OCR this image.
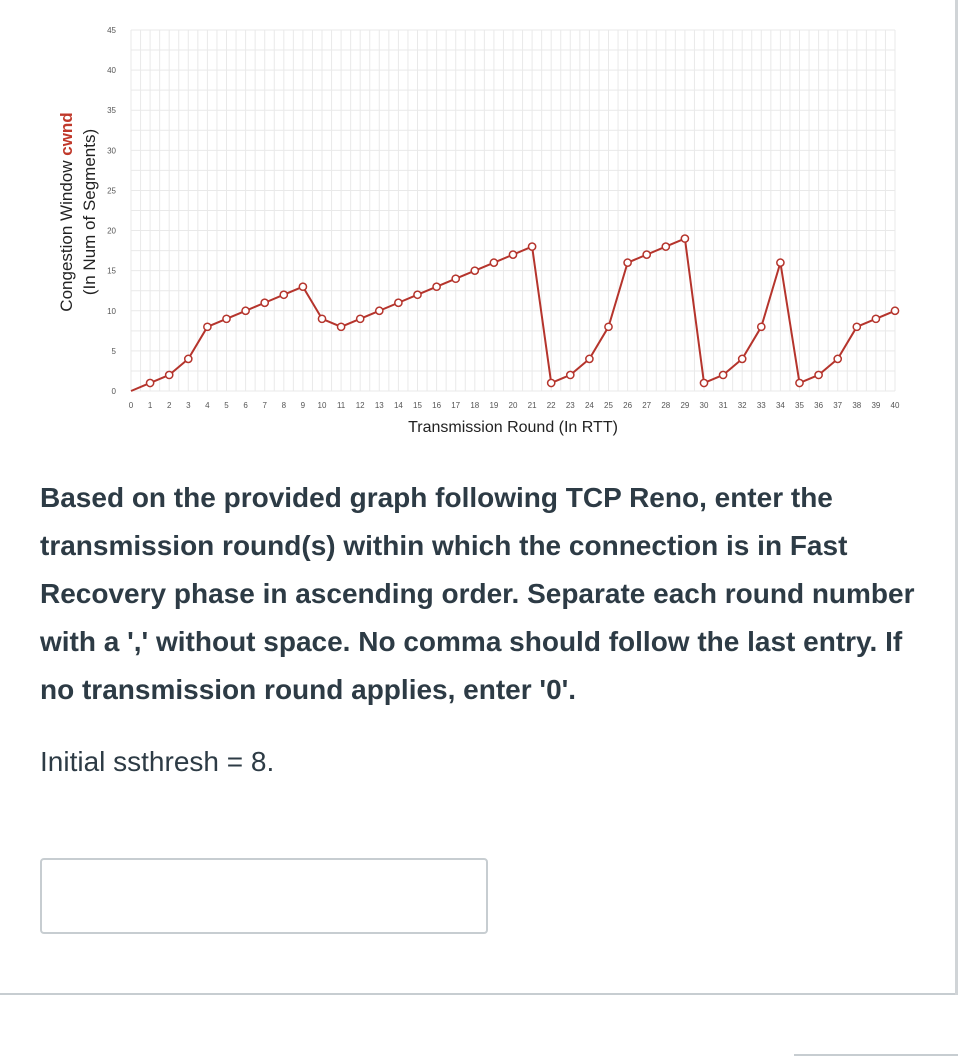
0
5
10
15
20
25
30
35
40
45
0 1 2 3 4 5 6 7 8 9 10 11 12 13 14 15 16 17 18 19 20 21 22 23 24 25 26 27 28 29 30 31 32 33 34 35 36 37 38 39 40
Transmission Round (In RTT)
Congestion Window cwnd (In Num of Segments)

Based on the provided graph following TCP Reno, enter the transmission round(s) within which the connection is in Fast Recovery phase in ascending order. Separate each round number with a ',' without space. No comma should follow the last entry. If no transmission round applies, enter '0'.

Initial ssthresh = 8.
